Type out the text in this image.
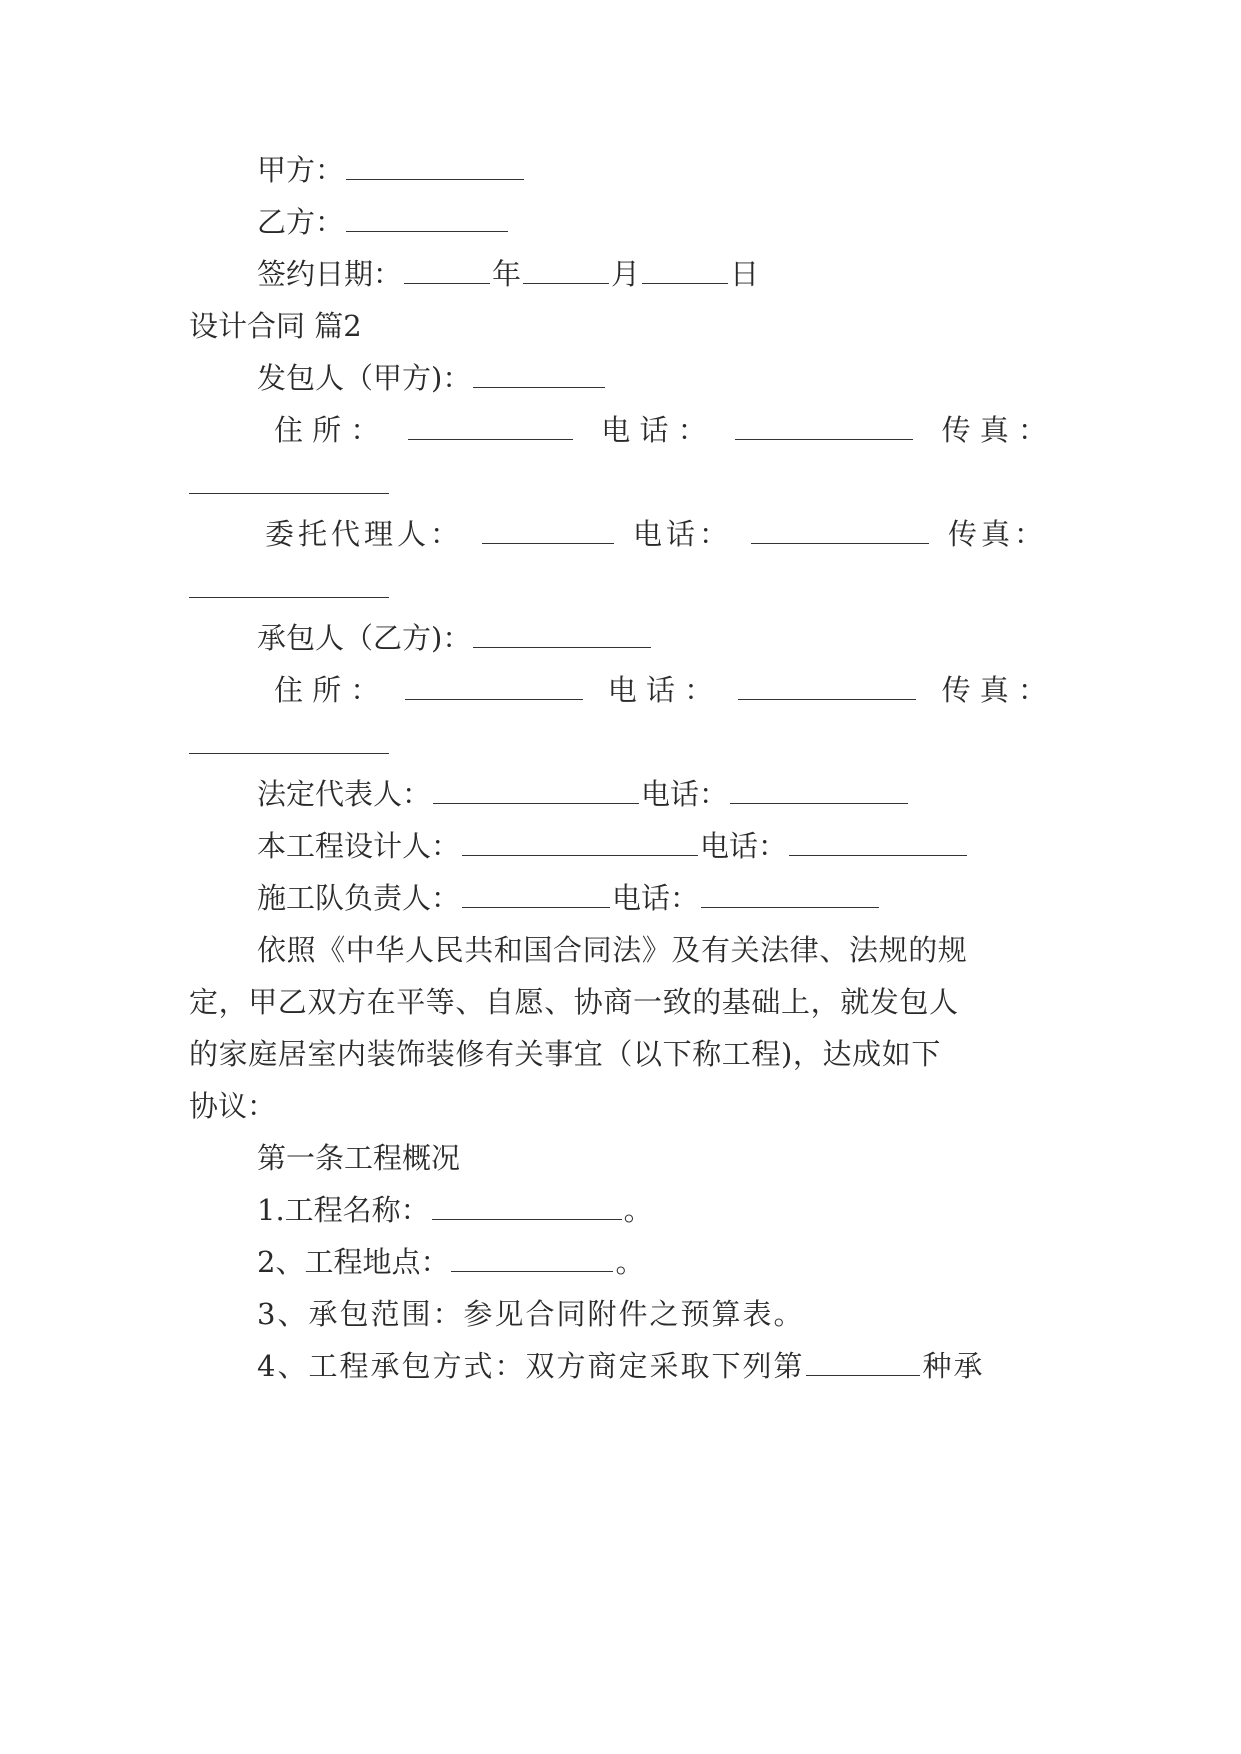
甲方：
乙方：
签约日期：	年	月	日
设计合同 篇2
发包人（甲方)：
住 所 ：	电 话 ：	传 真 ：
委托代理人：	电话：	传真：
承包人（乙方)：
住 所 ：	电 话 ：	传 真 ：
法定代表人：	电话：
本工程设计人：	电话：
施工队负责人：	电话：
依照《中华人民共和国合同法》及有关法律、法规的规
定，甲乙双方在平等、自愿、协商一致的基础上，就发包人
的家庭居室内装饰装修有关事宜（以下称工程)，达成如下
协议：
第一条工程概况
1.工程名称：	。
2、工程地点：	。
3、承包范围：参见合同附件之预算表。
4、工程承包方式：双方商定采取下列第	种承
